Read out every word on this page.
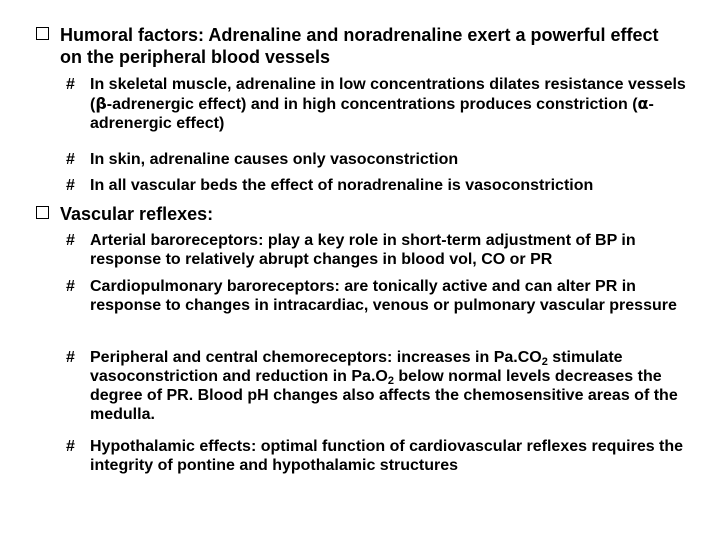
Humoral factors: Adrenaline and noradrenaline exert a powerful effect on the peripheral blood vessels
# In skeletal muscle, adrenaline in low concentrations dilates resistance vessels (β-adrenergic effect) and in high concentrations produces constriction (α-adrenergic effect)
# In skin, adrenaline causes only vasoconstriction
# In all vascular beds the effect of noradrenaline is vasoconstriction
Vascular reflexes:
# Arterial baroreceptors: play a key role in short-term adjustment of BP in response to relatively abrupt changes in blood vol, CO or PR
# Cardiopulmonary baroreceptors: are tonically active and can alter PR in response to changes in intracardiac, venous or pulmonary vascular pressure
# Peripheral and central chemoreceptors: increases in $Pa.CO_2$ stimulate vasoconstriction and reduction in $Pa.O_2$ below normal levels decreases the degree of PR. Blood pH changes also affects the chemosensitive areas of the medulla.
# Hypothalamic effects: optimal function of cardiovascular reflexes requires the integrity of pontine and hypothalamic structures
